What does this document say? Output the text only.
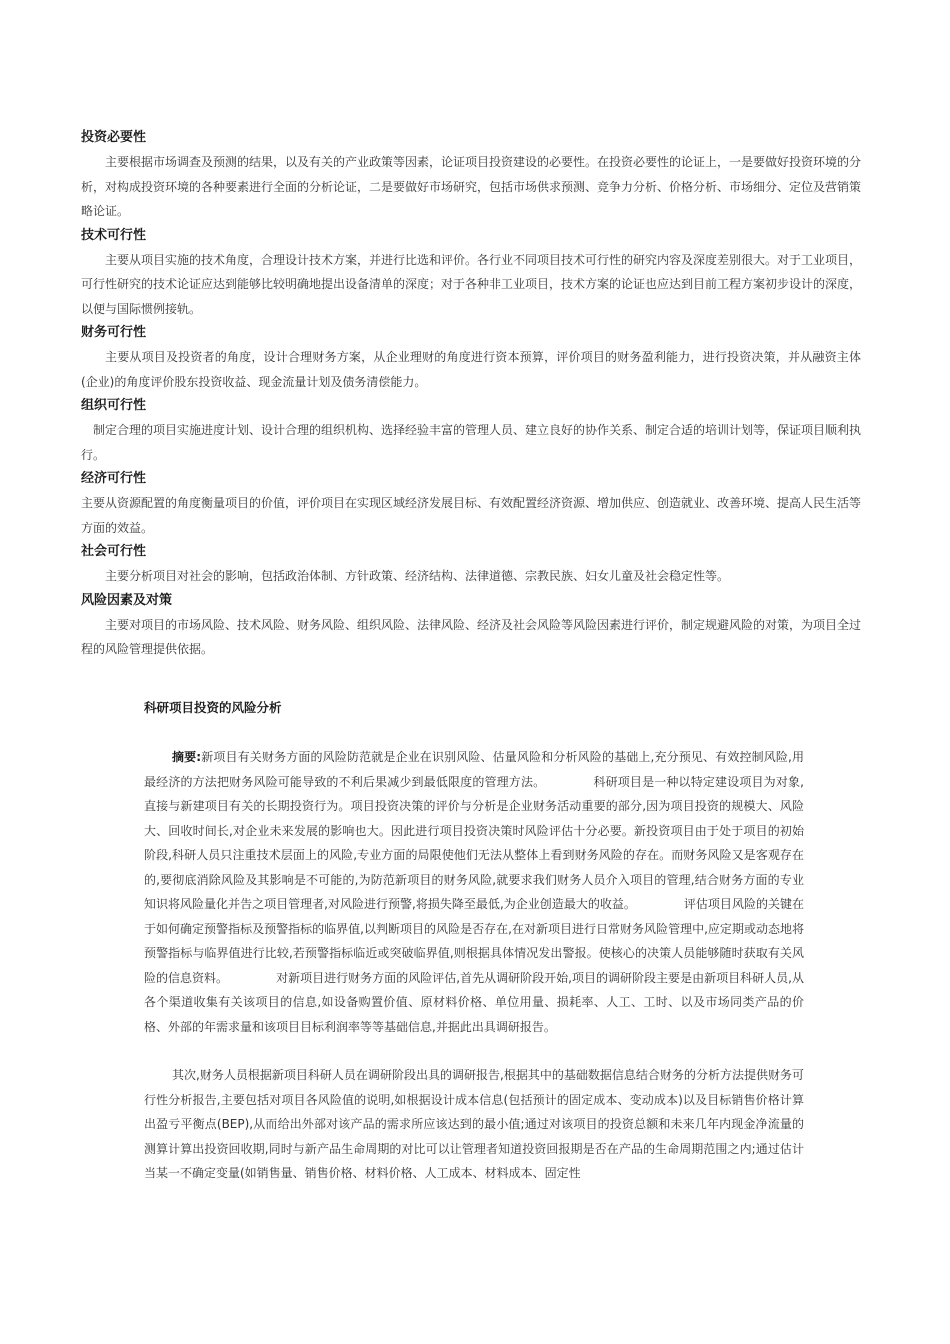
投资必要性

主要根据市场调查及预测的结果，以及有关的产业政策等因素，论证项目投资建设的必要性。在投资必要性的论证上，一是要做好投资环境的分析，对构成投资环境的各种要素进行全面的分析论证，二是要做好市场研究，包括市场供求预测、竞争力分析、价格分析、市场细分、定位及营销策略论证。

技术可行性

主要从项目实施的技术角度，合理设计技术方案，并进行比选和评价。各行业不同项目技术可行性的研究内容及深度差别很大。对于工业项目，可行性研究的技术论证应达到能够比较明确地提出设备清单的深度；对于各种非工业项目，技术方案的论证也应达到目前工程方案初步设计的深度，以便与国际惯例接轨。

财务可行性

主要从项目及投资者的角度，设计合理财务方案，从企业理财的角度进行资本预算，评价项目的财务盈利能力，进行投资决策，并从融资主体(企业)的角度评价股东投资收益、现金流量计划及债务清偿能力。

组织可行性

制定合理的项目实施进度计划、设计合理的组织机构、选择经验丰富的管理人员、建立良好的协作关系、制定合适的培训计划等，保证项目顺利执行。

经济可行性

主要从资源配置的角度衡量项目的价值，评价项目在实现区域经济发展目标、有效配置经济资源、增加供应、创造就业、改善环境、提高人民生活等方面的效益。

社会可行性

主要分析项目对社会的影响，包括政治体制、方针政策、经济结构、法律道德、宗教民族、妇女儿童及社会稳定性等。

风险因素及对策

主要对项目的市场风险、技术风险、财务风险、组织风险、法律风险、经济及社会风险等风险因素进行评价，制定规避风险的对策，为项目全过程的风险管理提供依据。

科研项目投资的风险分析

摘要:新项目有关财务方面的风险防范就是企业在识别风险、估量风险和分析风险的基础上,充分预见、有效控制风险,用最经济的方法把财务风险可能导致的不利后果减少到最低限度的管理方法。	科研项目是一种以特定建设项目为对象,直接与新建项目有关的长期投资行为。项目投资决策的评价与分析是企业财务活动重要的部分,因为项目投资的规模大、风险大、回收时间长,对企业未来发展的影响也大。因此进行项目投资决策时风险评估十分必要。新投资项目由于处于项目的初始阶段,科研人员只注重技术层面上的风险,专业方面的局限使他们无法从整体上看到财务风险的存在。而财务风险又是客观存在的,要彻底消除风险及其影响是不可能的,为防范新项目的财务风险,就要求我们财务人员介入项目的管理,结合财务方面的专业知识将风险量化并告之项目管理者,对风险进行预警,将损失降至最低,为企业创造最大的收益。	评估项目风险的关键在于如何确定预警指标及预警指标的临界值,以判断项目的风险是否存在,在对新项目进行日常财务风险管理中,应定期或动态地将预警指标与临界值进行比较,若预警指标临近或突破临界值,则根据具体情况发出警报。使核心的决策人员能够随时获取有关风险的信息资料。	对新项目进行财务方面的风险评估,首先从调研阶段开始,项目的调研阶段主要是由新项目科研人员,从各个渠道收集有关该项目的信息,如设备购置价值、原材料价格、单位用量、损耗率、人工、工时、以及市场同类产品的价格、外部的年需求量和该项目目标利润率等等基础信息,并据此出具调研报告。

其次,财务人员根据新项目科研人员在调研阶段出具的调研报告,根据其中的基础数据信息结合财务的分析方法提供财务可行性分析报告,主要包括对项目各风险值的说明,如根据设计成本信息(包括预计的固定成本、变动成本)以及目标销售价格计算出盈亏平衡点(BEP),从而给出外部对该产品的需求所应该达到的最小值;通过对该项目的投资总额和未来几年内现金净流量的测算计算出投资回收期,同时与新产品生命周期的对比可以让管理者知道投资回报期是否在产品的生命周期范围之内;通过估计当某一不确定变量(如销售量、销售价格、材料价格、人工成本、材料成本、固定性
